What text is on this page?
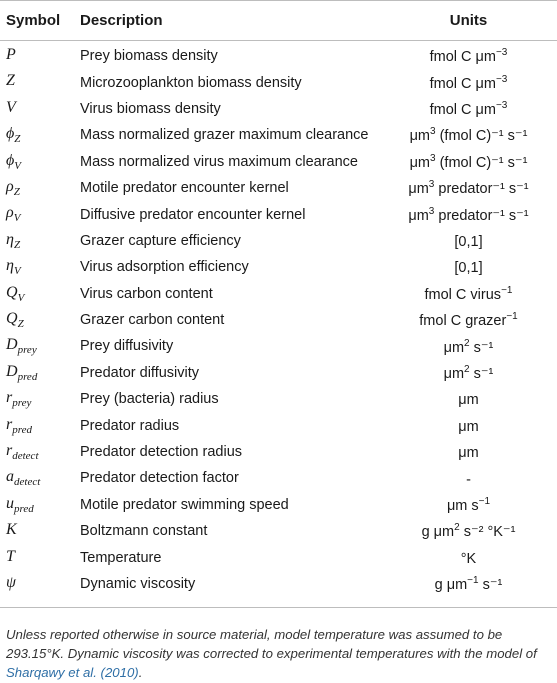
Symbol	Description	Units
P	Prey biomass density	fmol C $\mu m^{-3}$
Z	Microzooplankton biomass density	fmol C $\mu m^{-3}$
V	Virus biomass density	fmol C $\mu m^{-3}$
$\phi_Z$	Mass normalized grazer maximum clearance	$\mu m^3$ (fmol C)⁻¹ s⁻¹
$\phi_V$	Mass normalized virus maximum clearance	$\mu m^3$ (fmol C)⁻¹ s⁻¹
$\rho_Z$	Motile predator encounter kernel	$\mu m^3$ predator⁻¹ s⁻¹
$\rho_V$	Diffusive predator encounter kernel	$\mu m^3$ predator⁻¹ s⁻¹
$\eta_Z$	Grazer capture efficiency	[0,1]
$\eta_V$	Virus adsorption efficiency	[0,1]
$Q_V$	Virus carbon content	fmol C virus$^{-1}$
$Q_Z$	Grazer carbon content	fmol C grazer$^{-1}$
$D_{prey}$	Prey diffusivity	$\mu m^2$ s⁻¹
$D_{pred}$	Predator diffusivity	$\mu m^2$ s⁻¹
$r_{prey}$	Prey (bacteria) radius	μm
$r_{pred}$	Predator radius	μm
$r_{detect}$	Predator detection radius	μm
$a_{detect}$	Predator detection factor	-
$u_{pred}$	Motile predator swimming speed	μm $s^{-1}$
K	Boltzmann constant	g $\mu m^2$ s⁻² °K⁻¹
T	Temperature	°K
ψ	Dynamic viscosity	g $\mu m^{-1}$ s⁻¹
Unless reported otherwise in source material, model temperature was assumed to be 293.15°K. Dynamic viscosity was corrected to experimental temperatures with the model of Sharqawy et al. (2010).
